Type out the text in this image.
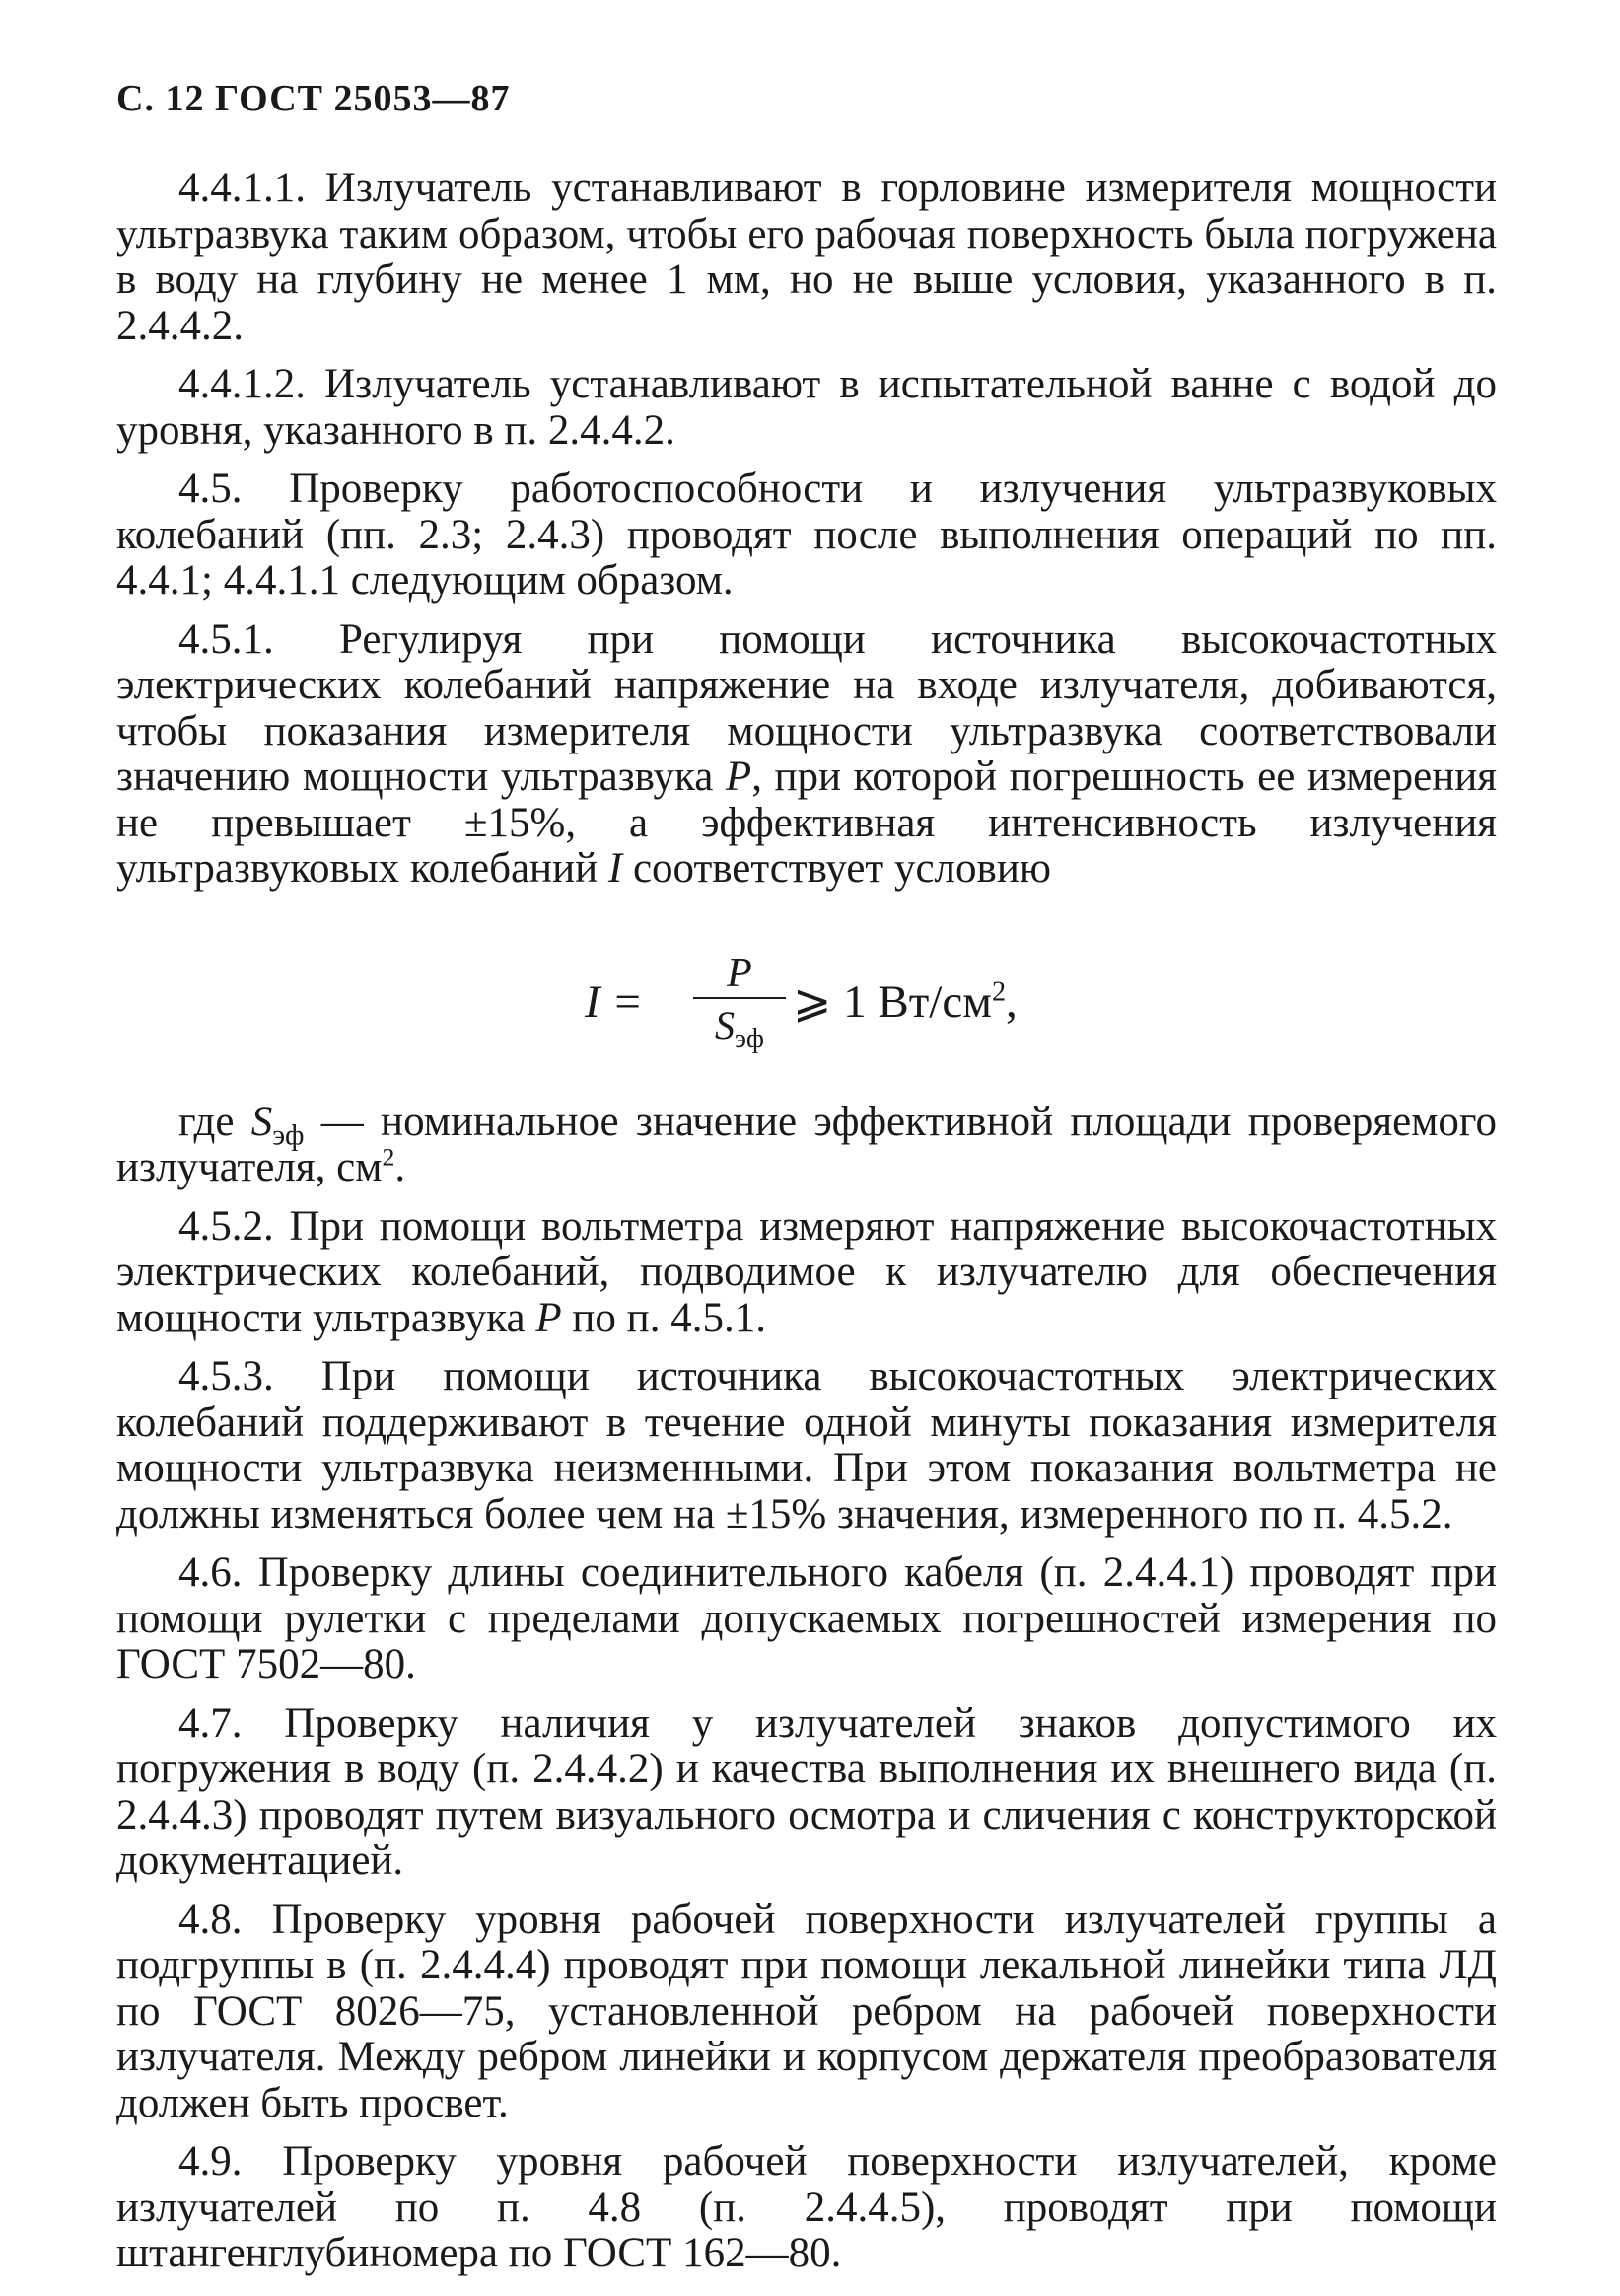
С. 12 ГОСТ 25053—87

4.4.1.1. Излучатель устанавливают в горловине измерителя мощности ультразвука таким образом, чтобы его рабочая поверхность была погружена в воду на глубину не менее 1 мм, но не выше условия, указанного в п. 2.4.4.2.

4.4.1.2. Излучатель устанавливают в испытательной ванне с водой до уровня, указанного в п. 2.4.4.2.

4.5. Проверку работоспособности и излучения ультразвуковых колебаний (пп. 2.3; 2.4.3) проводят после выполнения операций по пп. 4.4.1; 4.4.1.1 следующим образом.

4.5.1. Регулируя при помощи источника высокочастотных электрических колебаний напряжение на входе излучателя, добиваются, чтобы показания измерителя мощности ультразвука соответствовали значению мощности ультразвука P, при которой погрешность ее измерения не превышает ±15%, а эффективная интенсивность излучения ультразвуковых колебаний I соответствует условию

I =
P
$S_{эф}$
⩾ 1 $Вт/см^2$,

где $S_{эф}$ — номинальное значение эффективной площади проверяемого излучателя, $см^2$.

4.5.2. При помощи вольтметра измеряют напряжение высокочастотных электрических колебаний, подводимое к излучателю для обеспечения мощности ультразвука P по п. 4.5.1.

4.5.3. При помощи источника высокочастотных электрических колебаний поддерживают в течение одной минуты показания измерителя мощности ультразвука неизменными. При этом показания вольтметра не должны изменяться более чем на ±15% значения, измеренного по п. 4.5.2.

4.6. Проверку длины соединительного кабеля (п. 2.4.4.1) проводят при помощи рулетки с пределами допускаемых погрешностей измерения по ГОСТ 7502—80.

4.7. Проверку наличия у излучателей знаков допустимого их погружения в воду (п. 2.4.4.2) и качества выполнения их внешнего вида (п. 2.4.4.3) проводят путем визуального осмотра и сличения с конструкторской документацией.

4.8. Проверку уровня рабочей поверхности излучателей группы а подгруппы в (п. 2.4.4.4) проводят при помощи лекальной линейки типа ЛД по ГОСТ 8026—75, установленной ребром на рабочей поверхности излучателя. Между ребром линейки и корпусом держателя преобразователя должен быть просвет.

4.9. Проверку уровня рабочей поверхности излучателей, кроме излучателей по п. 4.8 (п. 2.4.4.5), проводят при помощи штангенглубиномера по ГОСТ 162—80.
